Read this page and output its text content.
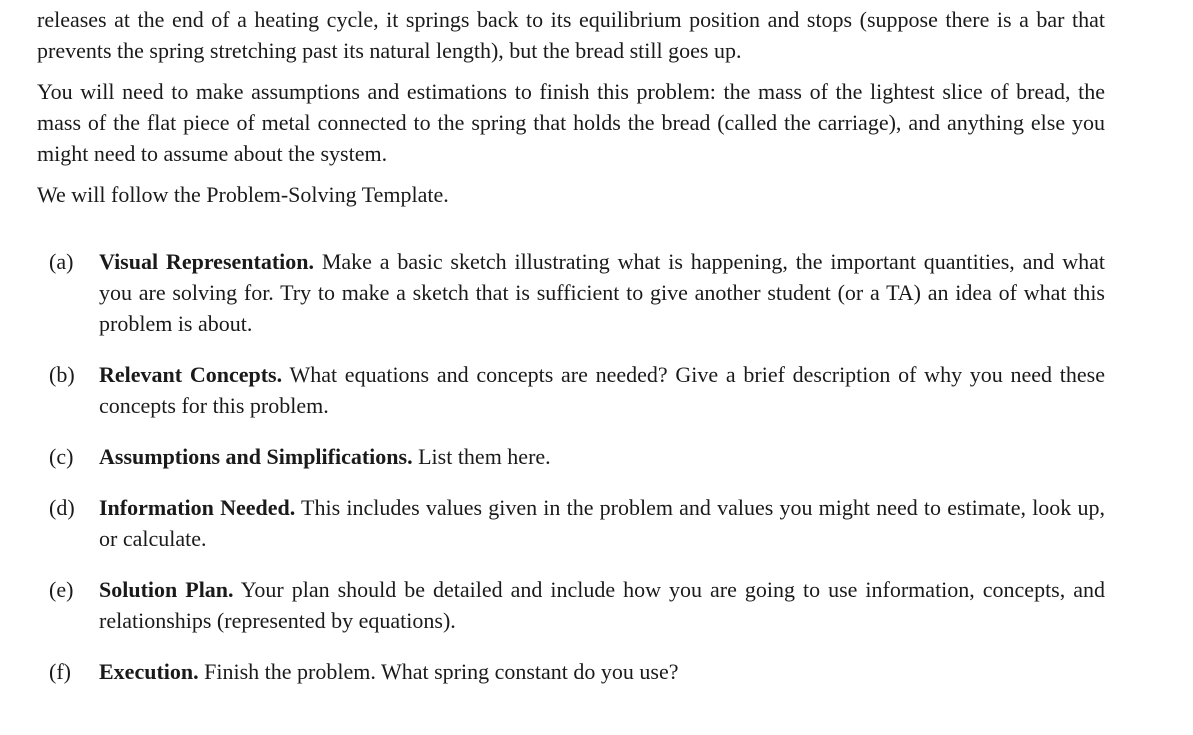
releases at the end of a heating cycle, it springs back to its equilibrium position and stops (suppose there is a bar that prevents the spring stretching past its natural length), but the bread still goes up.

You will need to make assumptions and estimations to finish this problem: the mass of the lightest slice of bread, the mass of the flat piece of metal connected to the spring that holds the bread (called the carriage), and anything else you might need to assume about the system.

We will follow the Problem-Solving Template.

(a)	Visual Representation. Make a basic sketch illustrating what is happening, the important quantities, and what you are solving for. Try to make a sketch that is sufficient to give another student (or a TA) an idea of what this problem is about.
(b)	Relevant Concepts. What equations and concepts are needed? Give a brief description of why you need these concepts for this problem.
(c)	Assumptions and Simplifications. List them here.
(d)	Information Needed. This includes values given in the problem and values you might need to estimate, look up, or calculate.
(e)	Solution Plan. Your plan should be detailed and include how you are going to use information, concepts, and relationships (represented by equations).
(f)	Execution. Finish the problem. What spring constant do you use?
